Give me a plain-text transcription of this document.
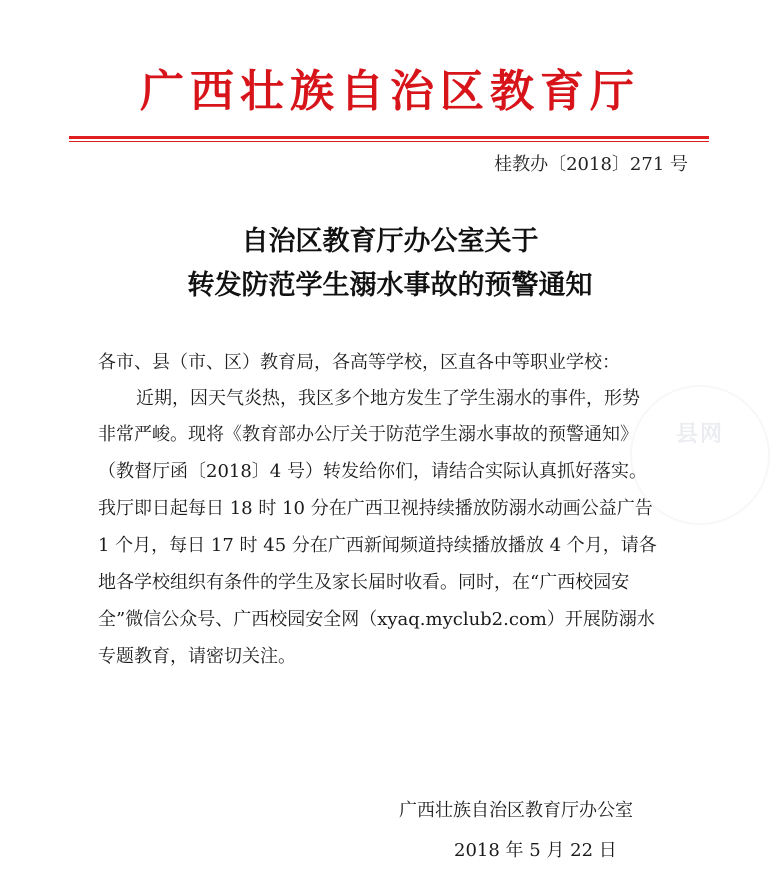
广西壮族自治区教育厅
桂教办〔2018〕271 号
自治区教育厅办公室关于
转发防范学生溺水事故的预警通知
各市、县（市、区）教育局，各高等学校，区直各中等职业学校：
近期，因天气炎热，我区多个地方发生了学生溺水的事件，形势
非常严峻。现将《教育部办公厅关于防范学生溺水事故的预警通知》
（教督厅函〔2018〕4 号）转发给你们，请结合实际认真抓好落实。
我厅即日起每日 18 时 10 分在广西卫视持续播放防溺水动画公益广告
1 个月，每日 17 时 45 分在广西新闻频道持续播放播放 4 个月，请各
地各学校组织有条件的学生及家长届时收看。同时，在“广西校园安
全”微信公众号、广西校园安全网（xyaq.myclub2.com）开展防溺水
专题教育，请密切关注。
广西壮族自治区教育厅办公室
2018 年 5 月 22 日
县网
